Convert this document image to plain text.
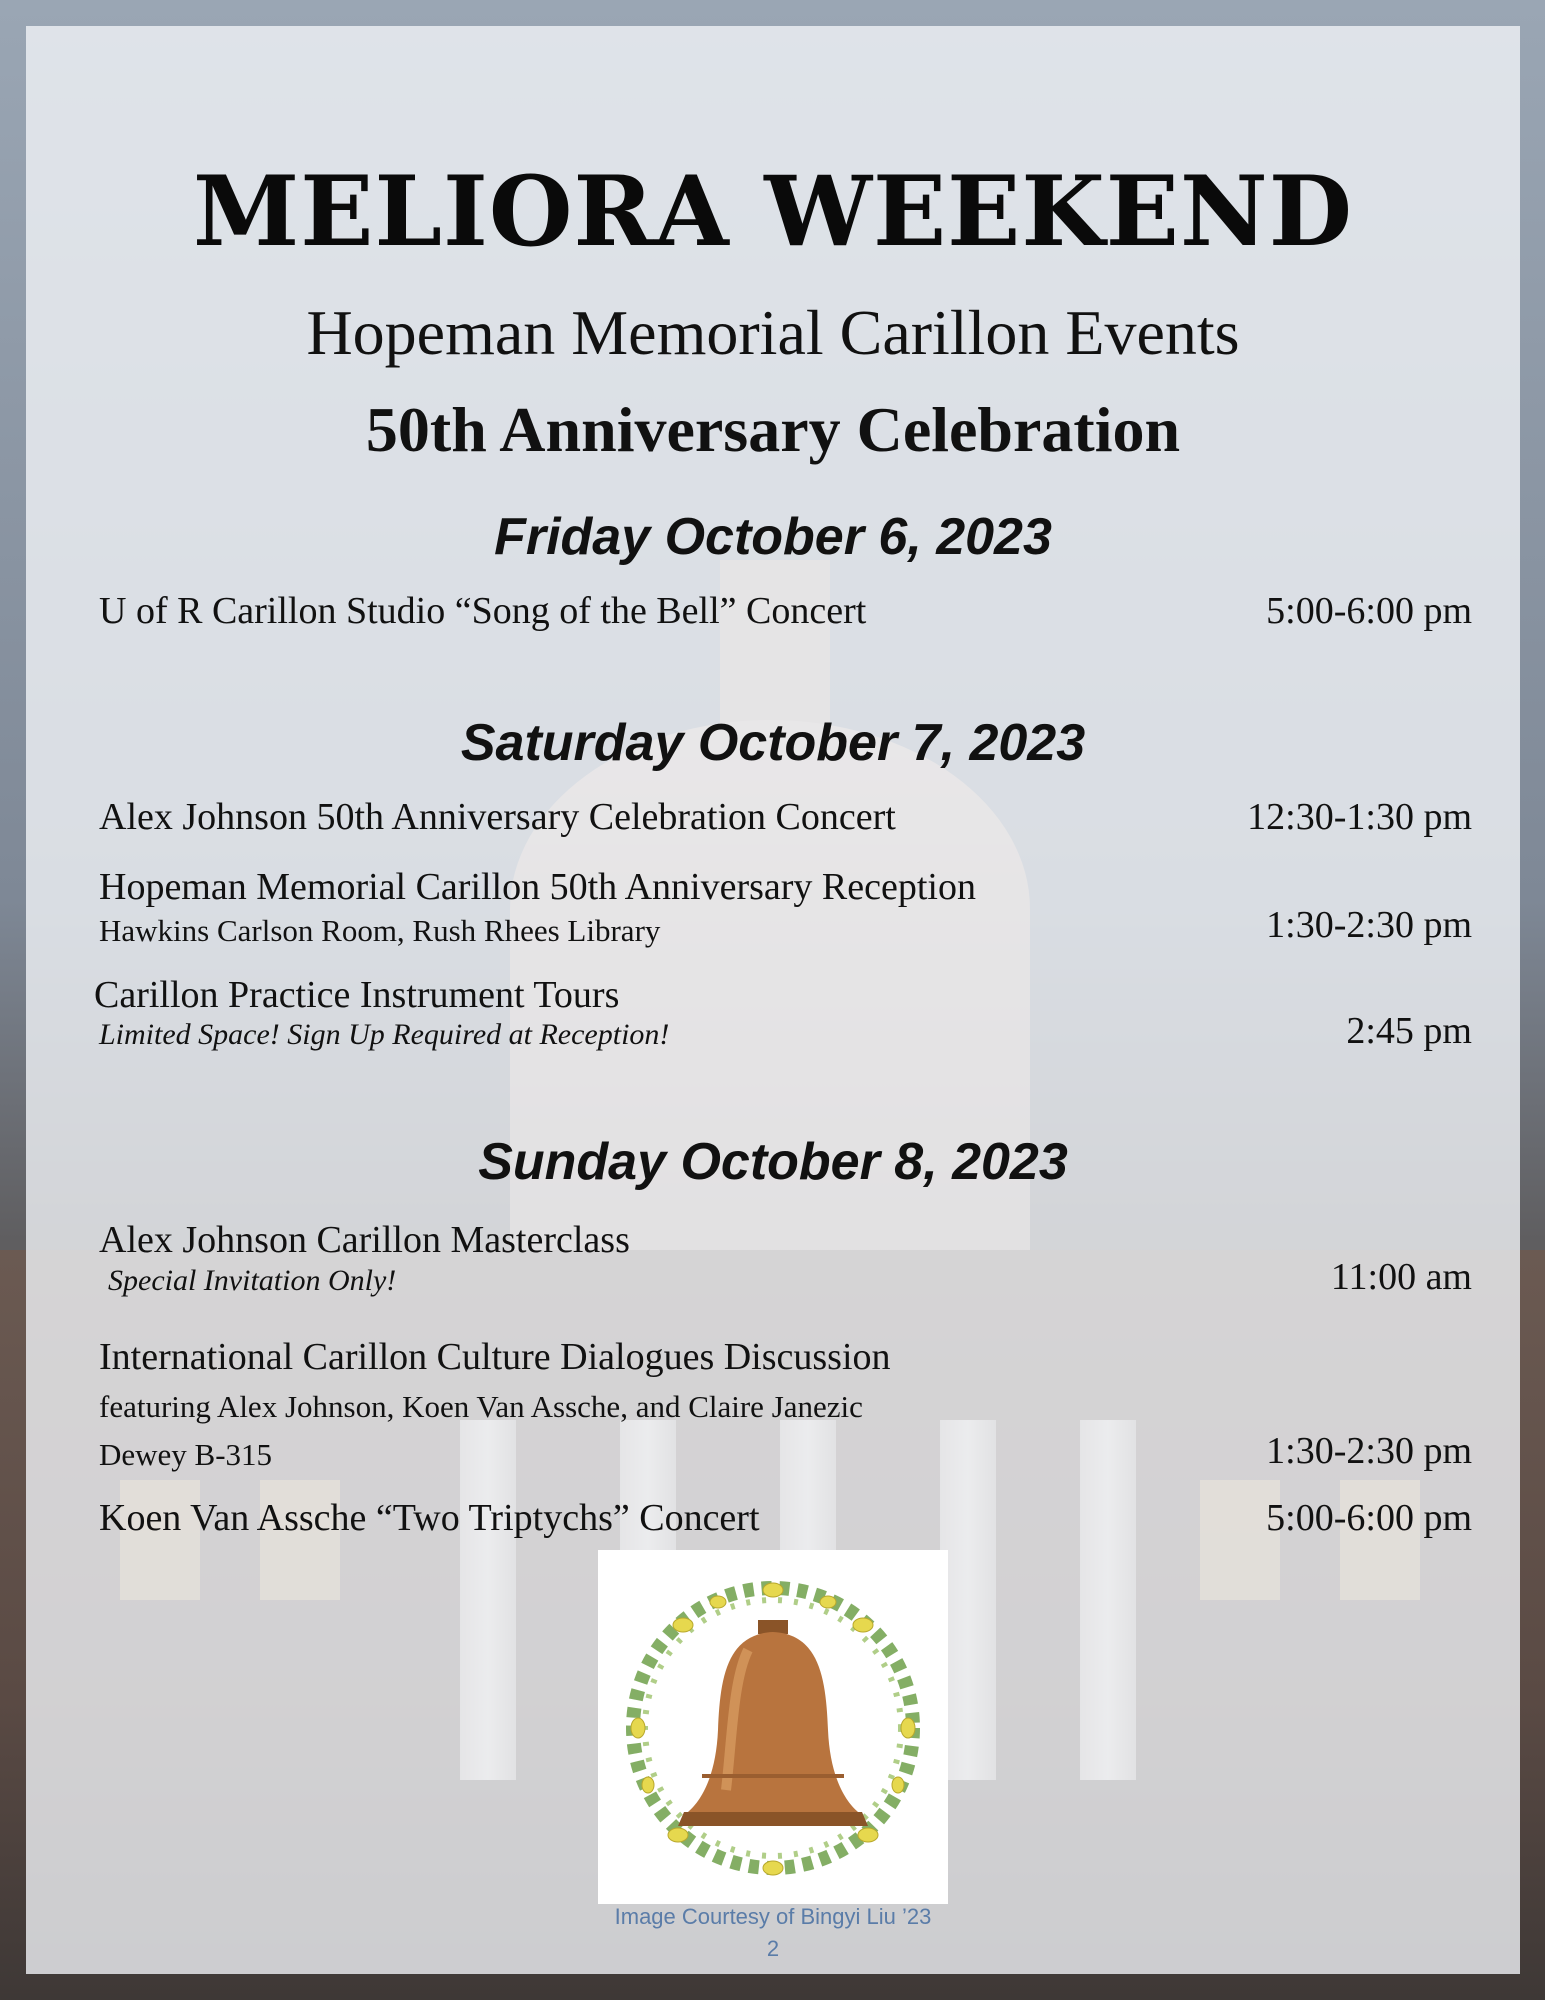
MELIORA WEEKEND
Hopeman Memorial Carillon Events
50th Anniversary Celebration
Friday October 6, 2023
U of R Carillon Studio “Song of the Bell” Concert	5:00-6:00 pm
Saturday October 7, 2023
Alex Johnson 50th Anniversary Celebration Concert	12:30-1:30 pm
Hopeman Memorial Carillon 50th Anniversary Reception
Hawkins Carlson Room, Rush Rhees Library	1:30-2:30 pm
Carillon Practice Instrument Tours
Limited Space! Sign Up Required at Reception!	2:45 pm
Sunday October 8, 2023
Alex Johnson Carillon Masterclass
Special Invitation Only!	11:00 am
International Carillon Culture Dialogues Discussion
featuring Alex Johnson, Koen Van Assche, and Claire Janezic
Dewey B-315	1:30-2:30 pm
Koen Van Assche “Two Triptychs” Concert	5:00-6:00 pm
Image Courtesy of Bingyi Liu ’23
2
